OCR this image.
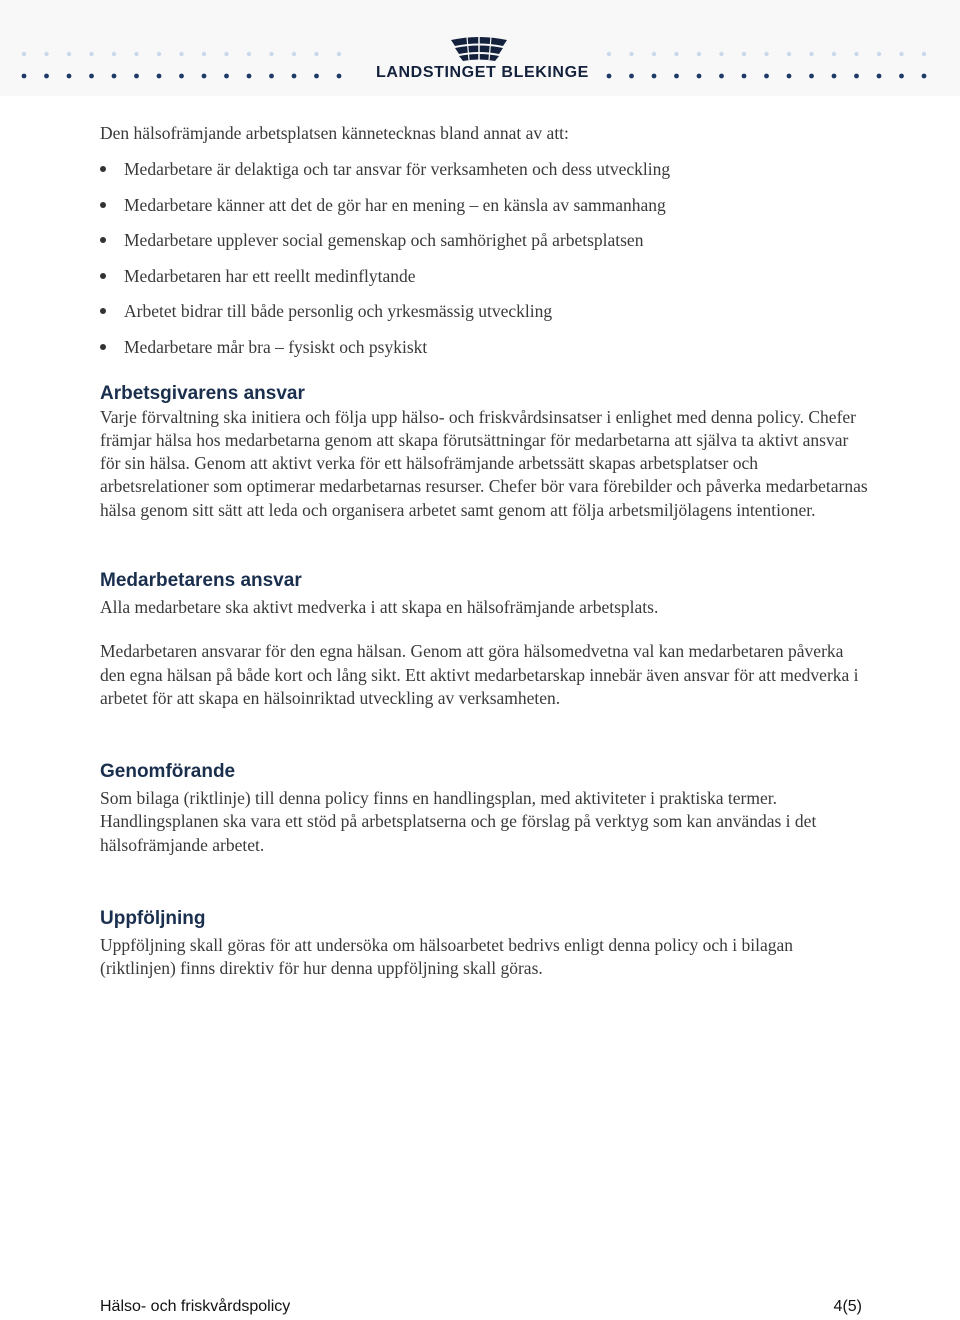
LANDSTINGET BLEKINGE

Den hälsofrämjande arbetsplatsen kännetecknas bland annat av att:

Medarbetare är delaktiga och tar ansvar för verksamheten och dess utveckling
Medarbetare känner att det de gör har en mening – en känsla av sammanhang
Medarbetare upplever social gemenskap och samhörighet på arbetsplatsen
Medarbetaren har ett reellt medinflytande
Arbetet bidrar till både personlig och yrkesmässig utveckling
Medarbetare mår bra – fysiskt och psykiskt
Arbetsgivarens ansvar

Varje förvaltning ska initiera och följa upp hälso- och friskvårdsinsatser i enlighet med denna policy. Chefer främjar hälsa hos medarbetarna genom att skapa förutsättningar för medarbetarna att själva ta aktivt ansvar för sin hälsa. Genom att aktivt verka för ett hälsofrämjande arbetssätt skapas arbetsplatser och arbetsrelationer som optimerar medarbetarnas resurser. Chefer bör vara förebilder och påverka medarbetarnas hälsa genom sitt sätt att leda och organisera arbetet samt genom att följa arbetsmiljölagens intentioner.

Medarbetarens ansvar

Alla medarbetare ska aktivt medverka i att skapa en hälsofrämjande arbetsplats.

Medarbetaren ansvarar för den egna hälsan. Genom att göra hälsomedvetna val kan medarbetaren påverka den egna hälsan på både kort och lång sikt. Ett aktivt medarbetarskap innebär även ansvar för att medverka i arbetet för att skapa en hälsoinriktad utveckling av verksamheten.

Genomförande

Som bilaga (riktlinje) till denna policy finns en handlingsplan, med aktiviteter i praktiska termer. Handlingsplanen ska vara ett stöd på arbetsplatserna och ge förslag på verktyg som kan användas i det hälsofrämjande arbetet.

Uppföljning

Uppföljning skall göras för att undersöka om hälsoarbetet bedrivs enligt denna policy och i bilagan (riktlinjen) finns direktiv för hur denna uppföljning skall göras.

Hälso- och friskvårdspolicy	4(5)
